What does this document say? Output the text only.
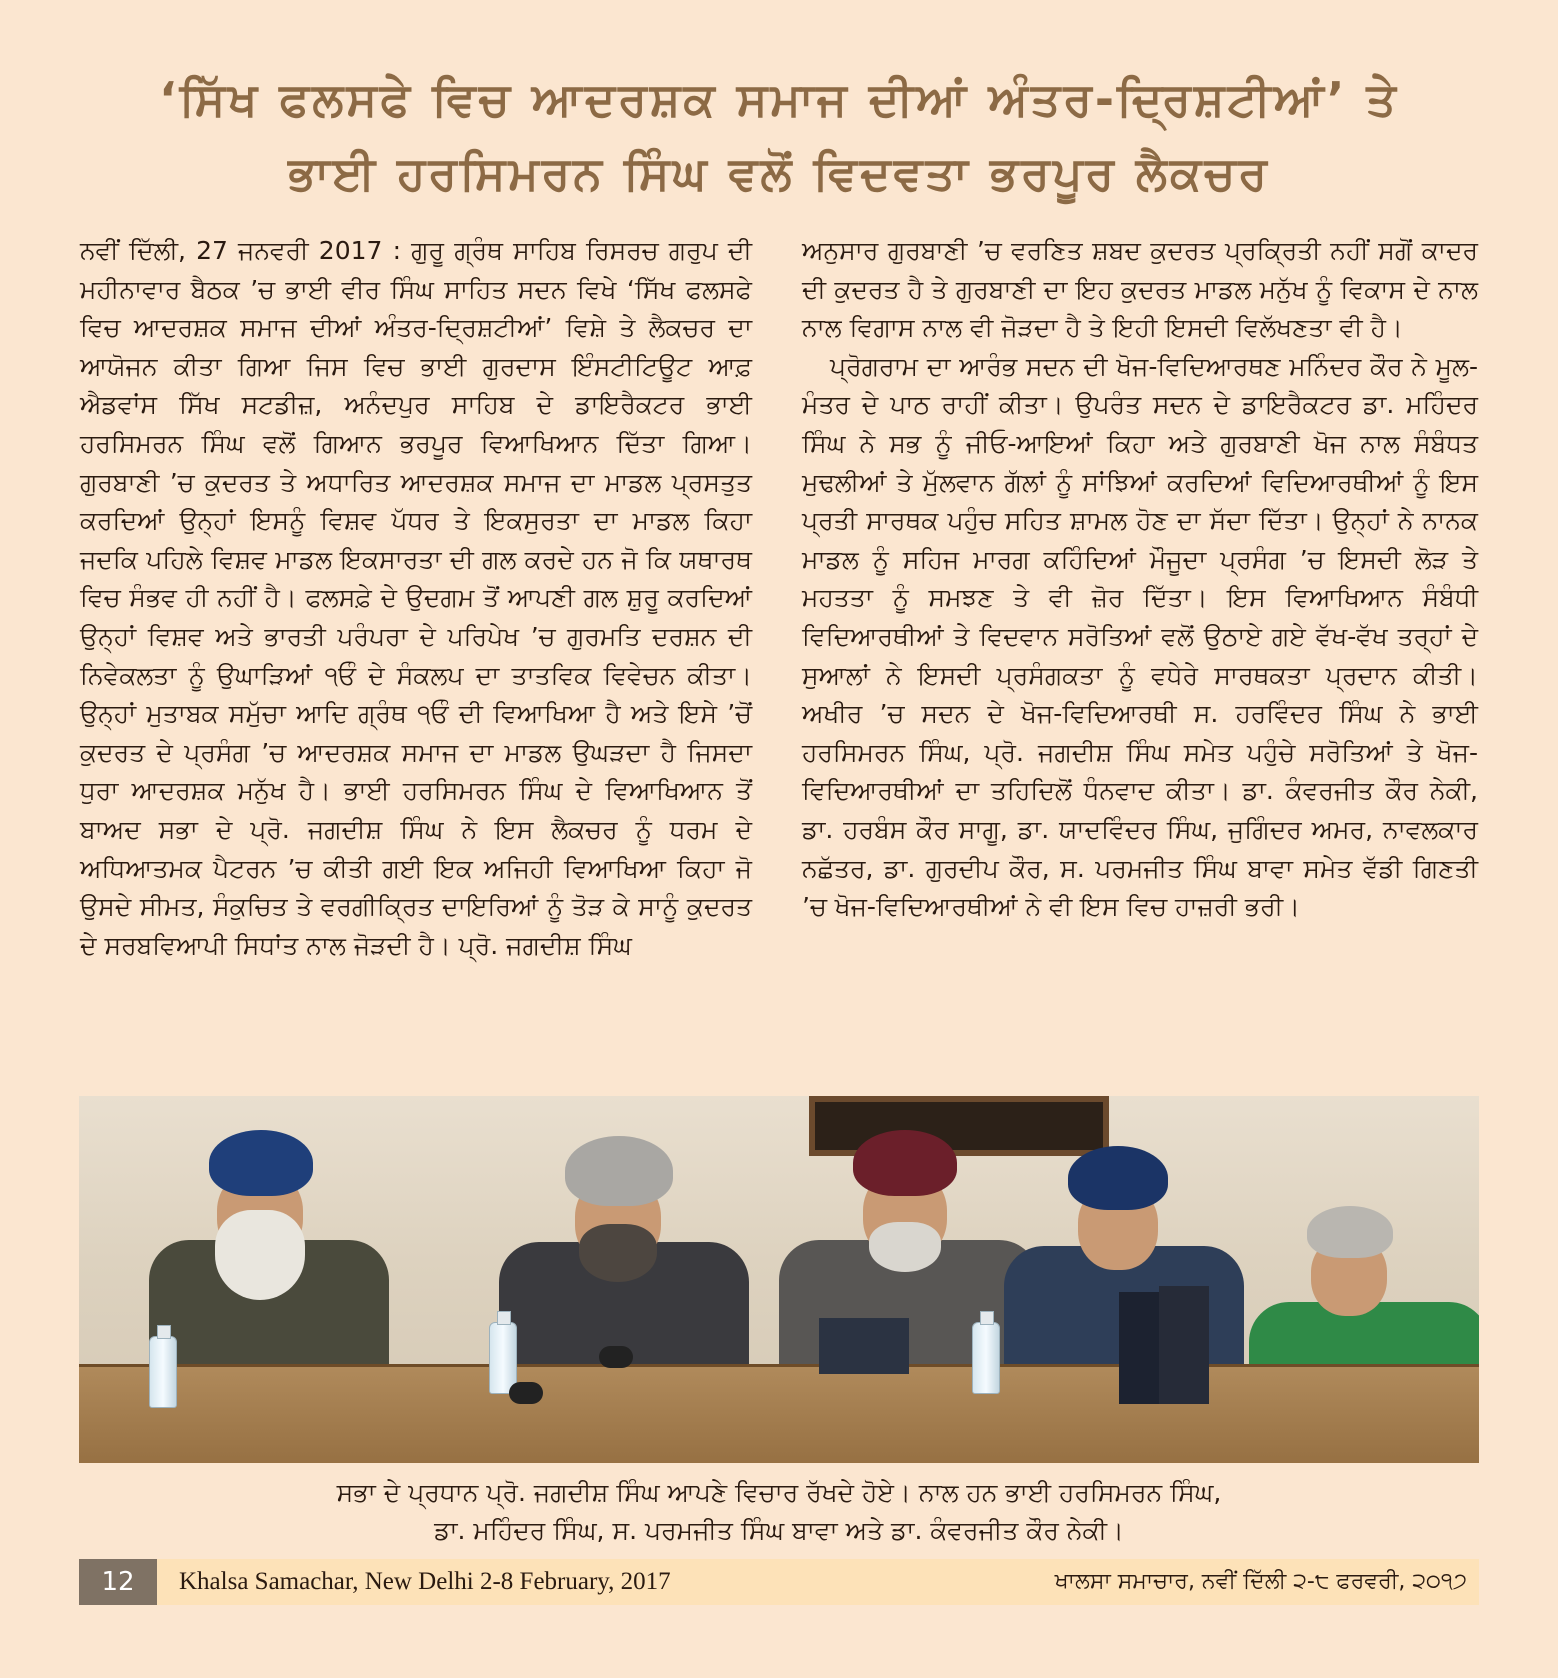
‘ਸਿੱਖ ਫਲਸਫੇ ਵਿਚ ਆਦਰਸ਼ਕ ਸਮਾਜ ਦੀਆਂ ਅੰਤਰ-ਦ੍ਰਿਸ਼ਟੀਆਂ’ ਤੇ
ਭਾਈ ਹਰਸਿਮਰਨ ਸਿੰਘ ਵਲੋਂ ਵਿਦਵਤਾ ਭਰਪੂਰ ਲੈਕਚਰ

ਨਵੀਂ ਦਿੱਲੀ, 27 ਜਨਵਰੀ 2017 : ਗੁਰੂ ਗ੍ਰੰਥ ਸਾਹਿਬ ਰਿਸਰਚ ਗਰੁਪ ਦੀ ਮਹੀਨਾਵਾਰ ਬੈਠਕ ’ਚ ਭਾਈ ਵੀਰ ਸਿੰਘ ਸਾਹਿਤ ਸਦਨ ਵਿਖੇ ‘ਸਿੱਖ ਫਲਸਫੇ ਵਿਚ ਆਦਰਸ਼ਕ ਸਮਾਜ ਦੀਆਂ ਅੰਤਰ-ਦ੍ਰਿਸ਼ਟੀਆਂ’ ਵਿਸ਼ੇ ਤੇ ਲੈਕਚਰ ਦਾ ਆਯੋਜਨ ਕੀਤਾ ਗਿਆ ਜਿਸ ਵਿਚ ਭਾਈ ਗੁਰਦਾਸ ਇੰਸਟੀਟਿਊਟ ਆਫ਼ ਐਡਵਾਂਸ ਸਿੱਖ ਸਟਡੀਜ਼, ਅਨੰਦਪੁਰ ਸਾਹਿਬ ਦੇ ਡਾਇਰੈਕਟਰ ਭਾਈ ਹਰਸਿਮਰਨ ਸਿੰਘ ਵਲੋਂ ਗਿਆਨ ਭਰਪੂਰ ਵਿਆਖਿਆਨ ਦਿੱਤਾ ਗਿਆ। ਗੁਰਬਾਣੀ ’ਚ ਕੁਦਰਤ ਤੇ ਅਧਾਰਿਤ ਆਦਰਸ਼ਕ ਸਮਾਜ ਦਾ ਮਾਡਲ ਪ੍ਰਸਤੁਤ ਕਰਦਿਆਂ ਉਨ੍ਹਾਂ ਇਸਨੂੰ ਵਿਸ਼ਵ ਪੱਧਰ ਤੇ ਇਕਸੁਰਤਾ ਦਾ ਮਾਡਲ ਕਿਹਾ ਜਦਕਿ ਪਹਿਲੇ ਵਿਸ਼ਵ ਮਾਡਲ ਇਕਸਾਰਤਾ ਦੀ ਗਲ ਕਰਦੇ ਹਨ ਜੋ ਕਿ ਯਥਾਰਥ ਵਿਚ ਸੰਭਵ ਹੀ ਨਹੀਂ ਹੈ। ਫਲਸਫ਼ੇ ਦੇ ਉਦਗਮ ਤੋਂ ਆਪਣੀ ਗਲ ਸ਼ੁਰੂ ਕਰਦਿਆਂ ਉਨ੍ਹਾਂ ਵਿਸ਼ਵ ਅਤੇ ਭਾਰਤੀ ਪਰੰਪਰਾ ਦੇ ਪਰਿਪੇਖ ’ਚ ਗੁਰਮਤਿ ਦਰਸ਼ਨ ਦੀ ਨਿਵੇਕਲਤਾ ਨੂੰ ਉਘਾੜਿਆਂ ੧ਓੰ ਦੇ ਸੰਕਲਪ ਦਾ ਤਾਤਵਿਕ ਵਿਵੇਚਨ ਕੀਤਾ। ਉਨ੍ਹਾਂ ਮੁਤਾਬਕ ਸਮੁੱਚਾ ਆਦਿ ਗ੍ਰੰਥ ੧ਓੰ ਦੀ ਵਿਆਖਿਆ ਹੈ ਅਤੇ ਇਸੇ ’ਚੋਂ ਕੁਦਰਤ ਦੇ ਪ੍ਰਸੰਗ ’ਚ ਆਦਰਸ਼ਕ ਸਮਾਜ ਦਾ ਮਾਡਲ ਉਘੜਦਾ ਹੈ ਜਿਸਦਾ ਧੁਰਾ ਆਦਰਸ਼ਕ ਮਨੁੱਖ ਹੈ। ਭਾਈ ਹਰਸਿਮਰਨ ਸਿੰਘ ਦੇ ਵਿਆਖਿਆਨ ਤੋਂ ਬਾਅਦ ਸਭਾ ਦੇ ਪ੍ਰੋ. ਜਗਦੀਸ਼ ਸਿੰਘ ਨੇ ਇਸ ਲੈਕਚਰ ਨੂੰ ਧਰਮ ਦੇ ਅਧਿਆਤਮਕ ਪੈਟਰਨ ’ਚ ਕੀਤੀ ਗਈ ਇਕ ਅਜਿਹੀ ਵਿਆਖਿਆ ਕਿਹਾ ਜੋ ਉਸਦੇ ਸੀਮਤ, ਸੰਕੁਚਿਤ ਤੇ ਵਰਗੀਕ੍ਰਿਤ ਦਾਇਰਿਆਂ ਨੂੰ ਤੋੜ ਕੇ ਸਾਨੂੰ ਕੁਦਰਤ ਦੇ ਸਰਬਵਿਆਪੀ ਸਿਧਾਂਤ ਨਾਲ ਜੋੜਦੀ ਹੈ। ਪ੍ਰੋ. ਜਗਦੀਸ਼ ਸਿੰਘ

ਅਨੁਸਾਰ ਗੁਰਬਾਣੀ ’ਚ ਵਰਣਿਤ ਸ਼ਬਦ ਕੁਦਰਤ ਪ੍ਰਕ੍ਰਿਤੀ ਨਹੀਂ ਸਗੋਂ ਕਾਦਰ ਦੀ ਕੁਦਰਤ ਹੈ ਤੇ ਗੁਰਬਾਣੀ ਦਾ ਇਹ ਕੁਦਰਤ ਮਾਡਲ ਮਨੁੱਖ ਨੂੰ ਵਿਕਾਸ ਦੇ ਨਾਲ ਨਾਲ ਵਿਗਾਸ ਨਾਲ ਵੀ ਜੋੜਦਾ ਹੈ ਤੇ ਇਹੀ ਇਸਦੀ ਵਿਲੱਖਣਤਾ ਵੀ ਹੈ।

ਪ੍ਰੋਗਰਾਮ ਦਾ ਆਰੰਭ ਸਦਨ ਦੀ ਖੋਜ-ਵਿਦਿਆਰਥਣ ਮਨਿੰਦਰ ਕੌਰ ਨੇ ਮੂਲ-ਮੰਤਰ ਦੇ ਪਾਠ ਰਾਹੀਂ ਕੀਤਾ। ਉਪਰੰਤ ਸਦਨ ਦੇ ਡਾਇਰੈਕਟਰ ਡਾ. ਮਹਿੰਦਰ ਸਿੰਘ ਨੇ ਸਭ ਨੂੰ ਜੀਓ-ਆਇਆਂ ਕਿਹਾ ਅਤੇ ਗੁਰਬਾਣੀ ਖੋਜ ਨਾਲ ਸੰਬੰਧਤ ਮੁਢਲੀਆਂ ਤੇ ਮੁੱਲਵਾਨ ਗੱਲਾਂ ਨੂੰ ਸਾਂਝਿਆਂ ਕਰਦਿਆਂ ਵਿਦਿਆਰਥੀਆਂ ਨੂੰ ਇਸ ਪ੍ਰਤੀ ਸਾਰਥਕ ਪਹੁੰਚ ਸਹਿਤ ਸ਼ਾਮਲ ਹੋਣ ਦਾ ਸੱਦਾ ਦਿੱਤਾ। ਉਨ੍ਹਾਂ ਨੇ ਨਾਨਕ ਮਾਡਲ ਨੂੰ ਸਹਿਜ ਮਾਰਗ ਕਹਿੰਦਿਆਂ ਮੌਜੂਦਾ ਪ੍ਰਸੰਗ ’ਚ ਇਸਦੀ ਲੋੜ ਤੇ ਮਹਤਤਾ ਨੂੰ ਸਮਝਣ ਤੇ ਵੀ ਜ਼ੋਰ ਦਿੱਤਾ। ਇਸ ਵਿਆਖਿਆਨ ਸੰਬੰਧੀ ਵਿਦਿਆਰਥੀਆਂ ਤੇ ਵਿਦਵਾਨ ਸਰੋਤਿਆਂ ਵਲੋਂ ਉਠਾਏ ਗਏ ਵੱਖ-ਵੱਖ ਤਰ੍ਹਾਂ ਦੇ ਸੁਆਲਾਂ ਨੇ ਇਸਦੀ ਪ੍ਰਸੰਗਕਤਾ ਨੂੰ ਵਧੇਰੇ ਸਾਰਥਕਤਾ ਪ੍ਰਦਾਨ ਕੀਤੀ। ਅਖੀਰ ’ਚ ਸਦਨ ਦੇ ਖੋਜ-ਵਿਦਿਆਰਥੀ ਸ. ਹਰਵਿੰਦਰ ਸਿੰਘ ਨੇ ਭਾਈ ਹਰਸਿਮਰਨ ਸਿੰਘ, ਪ੍ਰੋ. ਜਗਦੀਸ਼ ਸਿੰਘ ਸਮੇਤ ਪਹੁੰਚੇ ਸਰੋਤਿਆਂ ਤੇ ਖੋਜ-ਵਿਦਿਆਰਥੀਆਂ ਦਾ ਤਹਿਦਿਲੋਂ ਧੰਨਵਾਦ ਕੀਤਾ। ਡਾ. ਕੰਵਰਜੀਤ ਕੌਰ ਨੇਕੀ, ਡਾ. ਹਰਬੰਸ ਕੌਰ ਸਾਗੂ, ਡਾ. ਯਾਦਵਿੰਦਰ ਸਿੰਘ, ਜੁਗਿੰਦਰ ਅਮਰ, ਨਾਵਲਕਾਰ ਨਛੱਤਰ, ਡਾ. ਗੁਰਦੀਪ ਕੌਰ, ਸ. ਪਰਮਜੀਤ ਸਿੰਘ ਬਾਵਾ ਸਮੇਤ ਵੱਡੀ ਗਿਣਤੀ ’ਚ ਖੋਜ-ਵਿਦਿਆਰਥੀਆਂ ਨੇ ਵੀ ਇਸ ਵਿਚ ਹਾਜ਼ਰੀ ਭਰੀ।

ਸਭਾ ਦੇ ਪ੍ਰਧਾਨ ਪ੍ਰੋ. ਜਗਦੀਸ਼ ਸਿੰਘ ਆਪਣੇ ਵਿਚਾਰ ਰੱਖਦੇ ਹੋਏ। ਨਾਲ ਹਨ ਭਾਈ ਹਰਸਿਮਰਨ ਸਿੰਘ,
ਡਾ. ਮਹਿੰਦਰ ਸਿੰਘ, ਸ. ਪਰਮਜੀਤ ਸਿੰਘ ਬਾਵਾ ਅਤੇ ਡਾ. ਕੰਵਰਜੀਤ ਕੌਰ ਨੇਕੀ।
12	Khalsa Samachar, New Delhi 2-8 February, 2017	ਖਾਲਸਾ ਸਮਾਚਾਰ, ਨਵੀਂ ਦਿੱਲੀ ੨-੮ ਫਰਵਰੀ, ੨੦੧੭
